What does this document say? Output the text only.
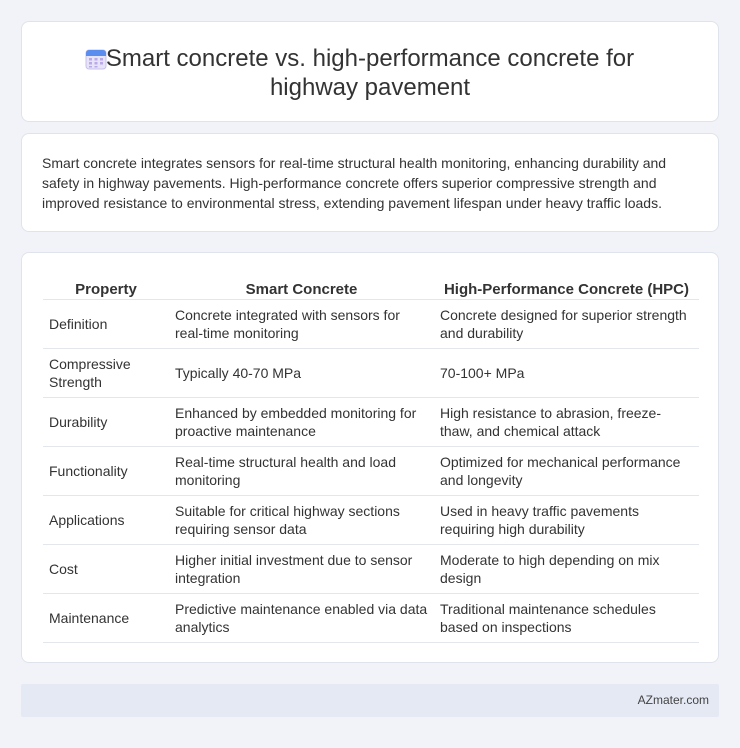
Smart concrete vs. high-performance concrete for
highway pavement

Smart concrete integrates sensors for real-time structural health monitoring, enhancing durability and safety in highway pavements. High-performance concrete offers superior compressive strength and improved resistance to environmental stress, extending pavement lifespan under heavy traffic loads.

Property	Smart Concrete	High-Performance Concrete (HPC)
Definition	Concrete integrated with sensors for real-time monitoring	Concrete designed for superior strength and durability
Compressive Strength	Typically 40-70 MPa	70-100+ MPa
Durability	Enhanced by embedded monitoring for proactive maintenance	High resistance to abrasion, freeze-thaw, and chemical attack
Functionality	Real-time structural health and load monitoring	Optimized for mechanical performance and longevity
Applications	Suitable for critical highway sections requiring sensor data	Used in heavy traffic pavements requiring high durability
Cost	Higher initial investment due to sensor integration	Moderate to high depending on mix design
Maintenance	Predictive maintenance enabled via data analytics	Traditional maintenance schedules based on inspections
AZmater.com
